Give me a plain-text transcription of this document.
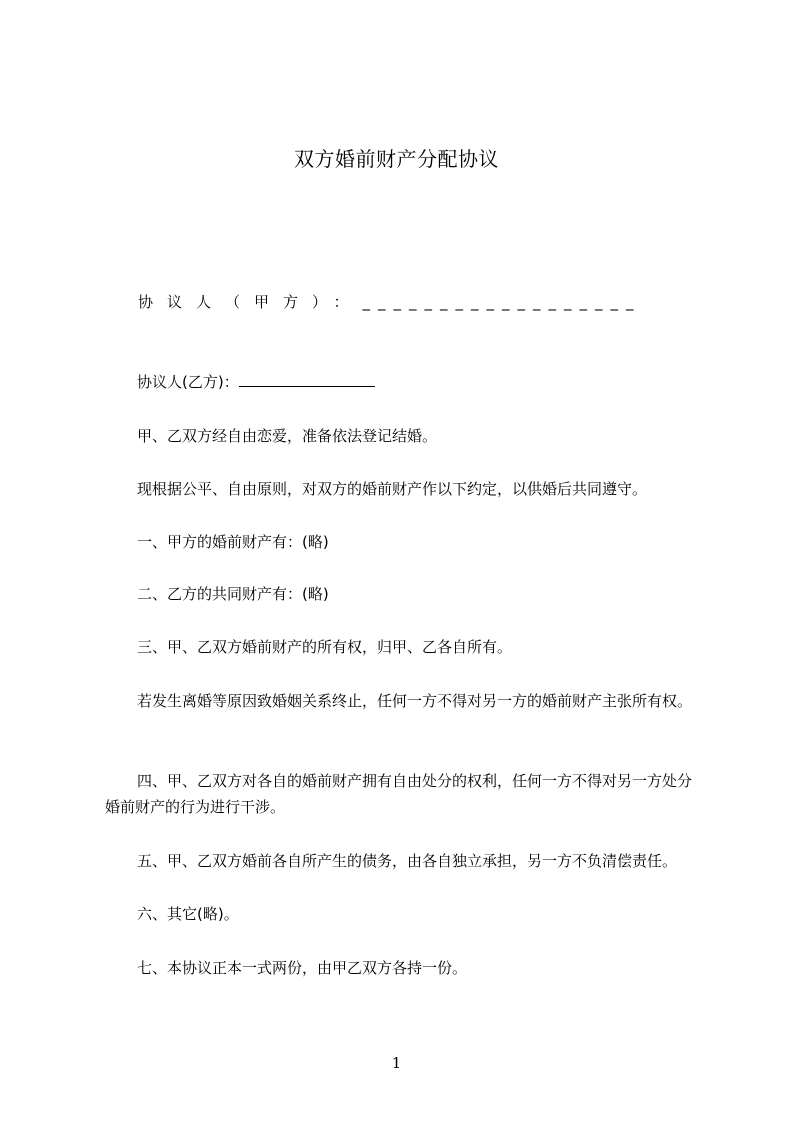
双方婚前财产分配协议
协议人（甲方）：__________________
协议人(乙方)：
甲、乙双方经自由恋爱，准备依法登记结婚。
现根据公平、自由原则，对双方的婚前财产作以下约定，以供婚后共同遵守。
一、甲方的婚前财产有：(略)
二、乙方的共同财产有：(略)
三、甲、乙双方婚前财产的所有权，归甲、乙各自所有。
若发生离婚等原因致婚姻关系终止，任何一方不得对另一方的婚前财产主张所有权。
四、甲、乙双方对各自的婚前财产拥有自由处分的权利，任何一方不得对另一方处分婚前财产的行为进行干涉。
五、甲、乙双方婚前各自所产生的债务，由各自独立承担，另一方不负清偿责任。
六、其它(略)。
七、本协议正本一式两份，由甲乙双方各持一份。
1
